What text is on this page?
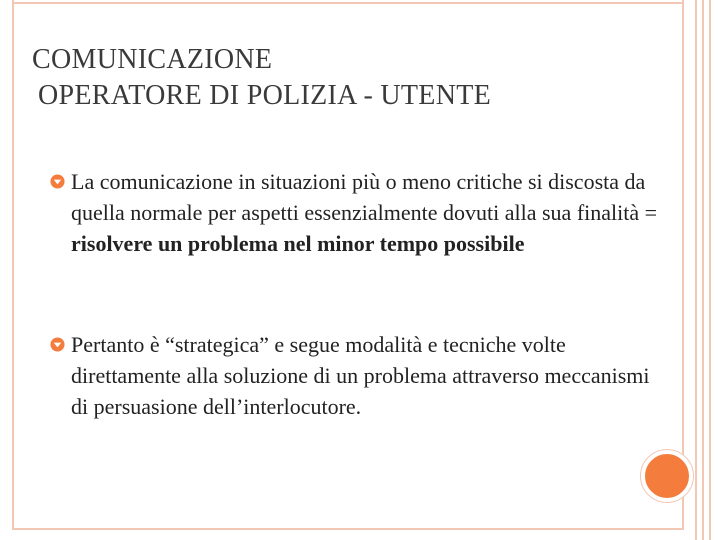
COMUNICAZIONE
OPERATORE DI POLIZIA - UTENTE
La comunicazione in situazioni più o meno critiche si discosta da quella normale per aspetti essenzialmente dovuti alla sua finalità = risolvere un problema nel minor tempo possibile
Pertanto è “strategica” e segue modalità e tecniche volte direttamente alla soluzione di un problema attraverso meccanismi di persuasione dell’interlocutore.
